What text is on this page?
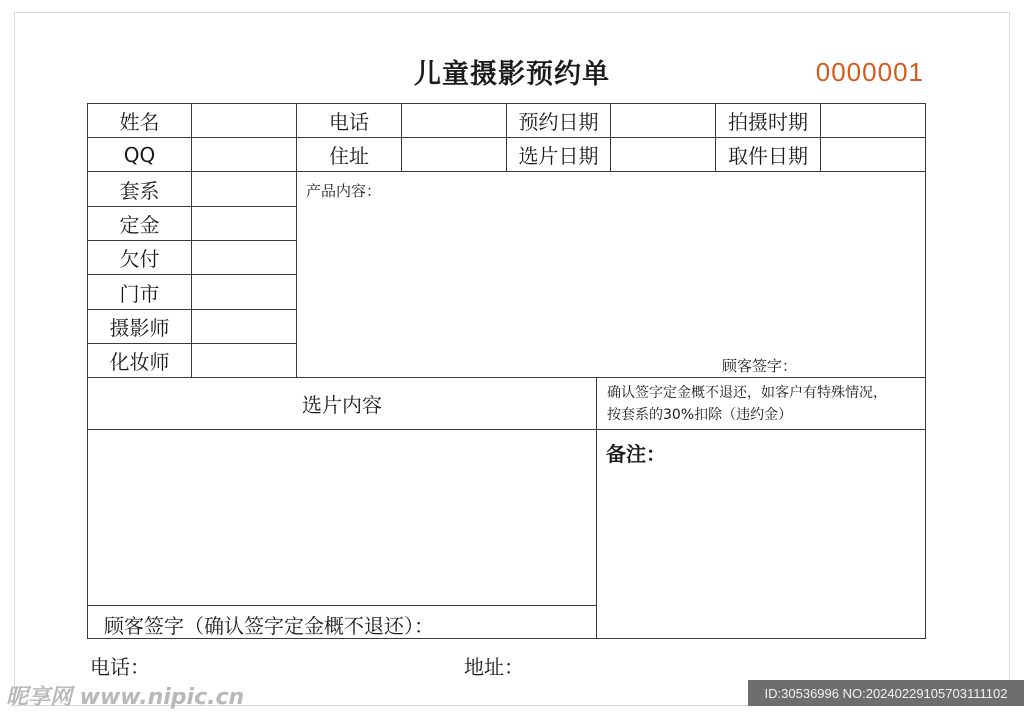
儿童摄影预约单	0000001
姓名	电话	预约日期	拍摄时期
QQ	住址	选片日期	取件日期
套系
定金
欠付
门市
摄影师
化妆师
产品内容：
顾客签字：
选片内容	确认签字定金概不退还，如客户有特殊情况，
按套系的30%扣除（违约金）
备注：
顾客签字（确认签字定金概不退还）：
电话：	地址：
昵享网 www.nipic.cn	ID:30536996 NO:20240229105703111102
